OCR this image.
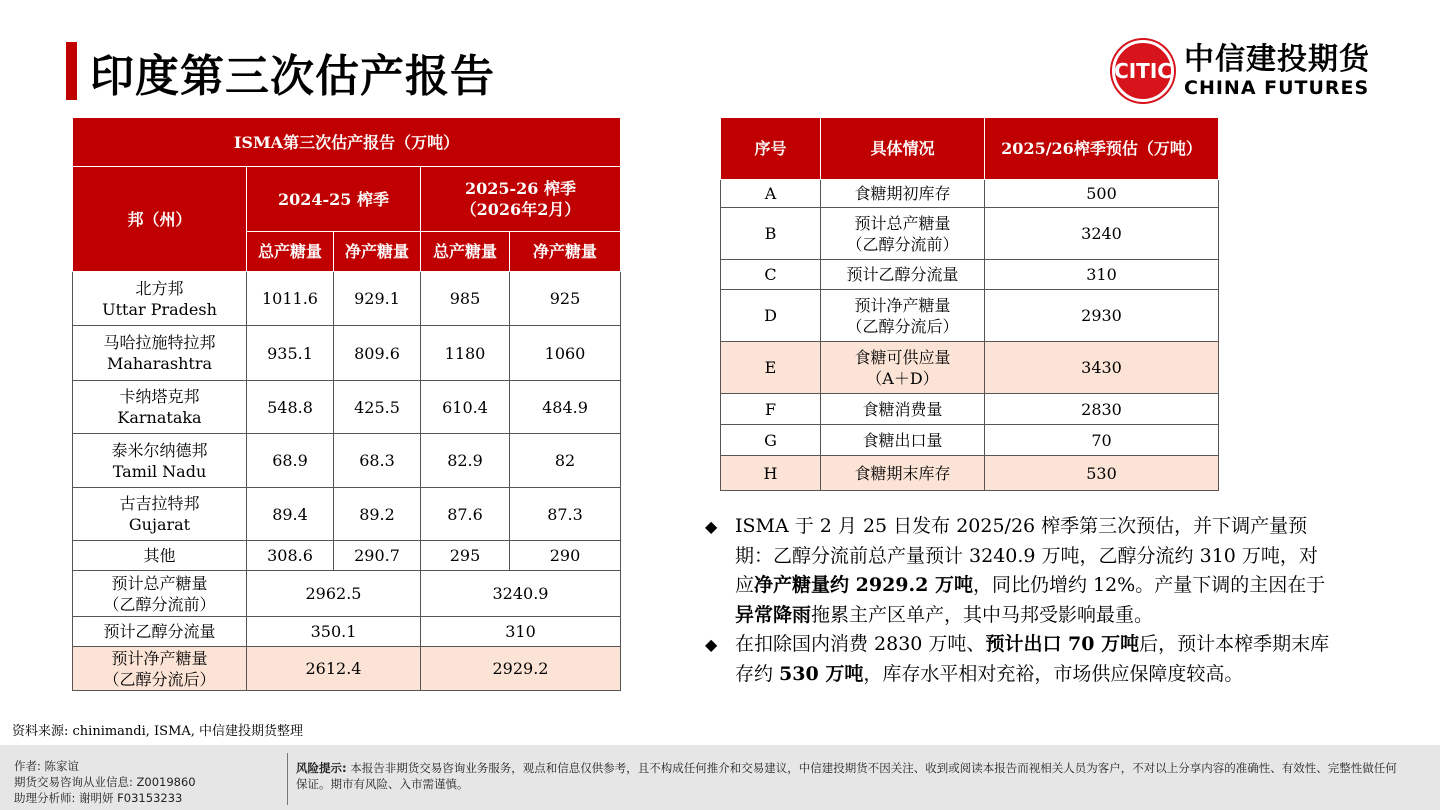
印度第三次估产报告	CITIC 中信建投期货
CHINA FUTURES
ISMA第三次估产报告（万吨）				
邦（州）	2024-25 榨季		2025-26 榨季
（2026年2月）	
	总产糖量	净产糖量	总产糖量	净产糖量
北方邦
Uttar Pradesh	1011.6	929.1	985	925
马哈拉施特拉邦
Maharashtra	935.1	809.6	1180	1060
卡纳塔克邦
Karnataka	548.8	425.5	610.4	484.9
泰米尔纳德邦
Tamil Nadu	68.9	68.3	82.9	82
古吉拉特邦
Gujarat	89.4	89.2	87.6	87.3
其他	308.6	290.7	295	290
预计总产糖量
（乙醇分流前）	2962.5		3240.9	
预计乙醇分流量	350.1		310	
预计净产糖量
（乙醇分流后）	2612.4		2929.2	
序号	具体情况	2025/26榨季预估（万吨）
A	食糖期初库存	500
B	预计总产糖量
（乙醇分流前）	3240
C	预计乙醇分流量	310
D	预计净产糖量
（乙醇分流后）	2930
E	食糖可供应量
（A＋D）	3430
F	食糖消费量	2830
G	食糖出口量	70
H	食糖期末库存	530
◆ ISMA 于 2 月 25 日发布 2025/26 榨季第三次预估，并下调产量预期：乙醇分流前总产量预计 3240.9 万吨，乙醇分流约 310 万吨，对应净产糖量约 2929.2 万吨，同比仍增约 12%。产量下调的主因在于异常降雨拖累主产区单产，其中马邦受影响最重。
◆ 在扣除国内消费 2830 万吨、预计出口 70 万吨后，预计本榨季期末库存约 530 万吨，库存水平相对充裕，市场供应保障度较高。
资料来源: chinimandi, ISMA, 中信建投期货整理
作者: 陈家谊
期货交易咨询从业信息: Z0019860
助理分析师: 谢明妍 F03153233
风险提示: 本报告非期货交易咨询业务服务，观点和信息仅供参考，且不构成任何推介和交易建议，中信建投期货不因关注、收到或阅读本报告而视相关人员为客户，不对以上分享内容的准确性、有效性、完整性做任何保证。期市有风险、入市需谨慎。
